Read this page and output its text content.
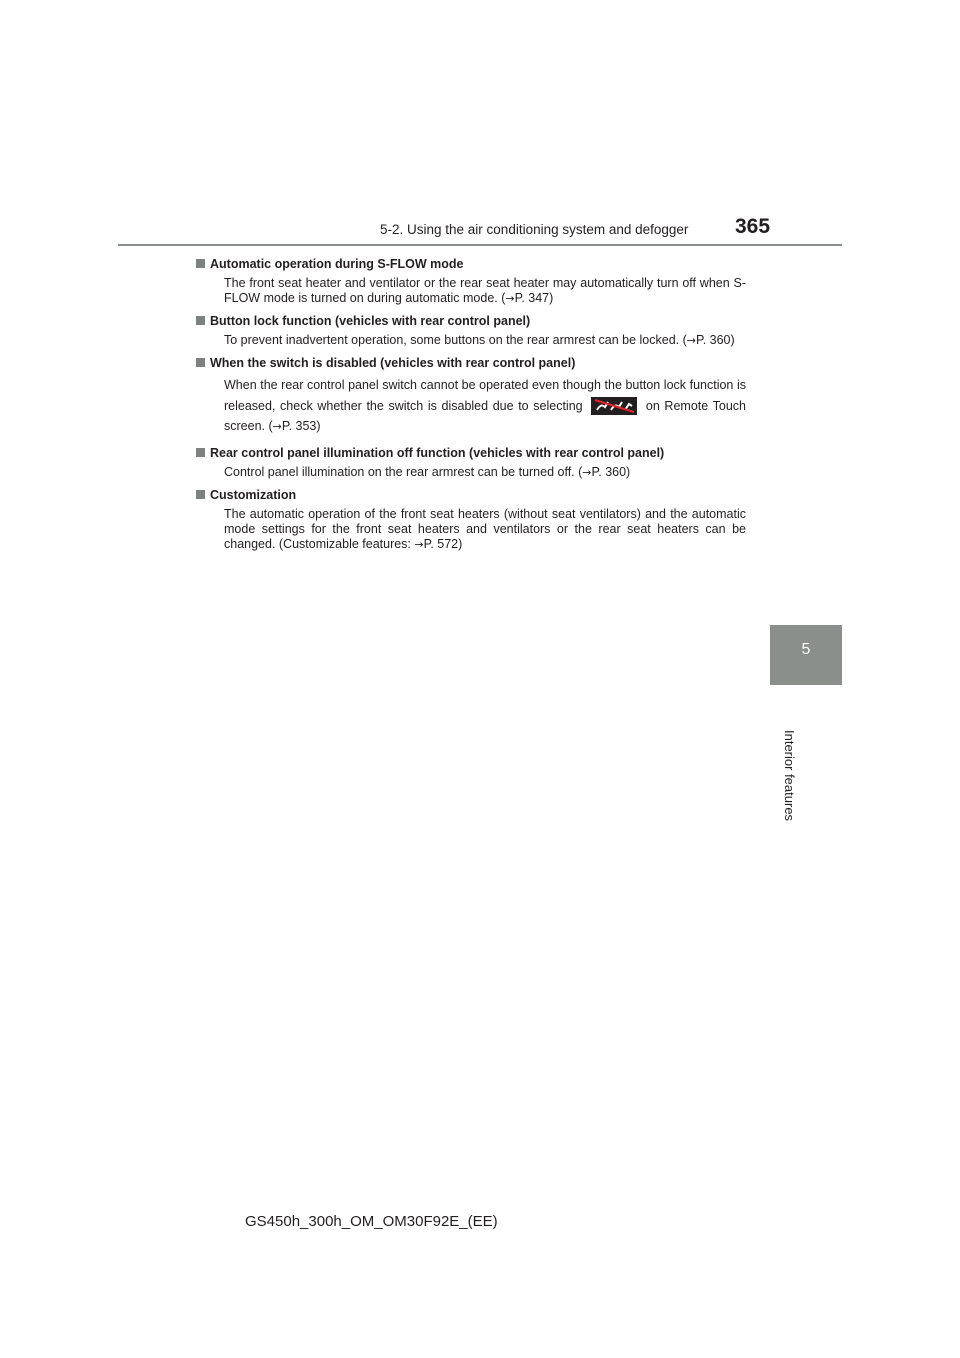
5-2. Using the air conditioning system and defogger	365
5
Interior features
Automatic operation during S-FLOW mode
The front seat heater and ventilator or the rear seat heater may automatically turn off when S-FLOW mode is turned on during automatic mode. (→P. 347)
Button lock function (vehicles with rear control panel)
To prevent inadvertent operation, some buttons on the rear armrest can be locked. (→P. 360)
When the switch is disabled (vehicles with rear control panel)
When the rear control panel switch cannot be operated even though the button lock function is released, check whether the switch is disabled due to selecting	on Remote Touch screen. (→P. 353)
Rear control panel illumination off function (vehicles with rear control panel)
Control panel illumination on the rear armrest can be turned off. (→P. 360)
Customization
The automatic operation of the front seat heaters (without seat ventilators) and the automatic mode settings for the front seat heaters and ventilators or the rear seat heaters can be changed. (Customizable features: →P. 572)
GS450h_300h_OM_OM30F92E_(EE)
